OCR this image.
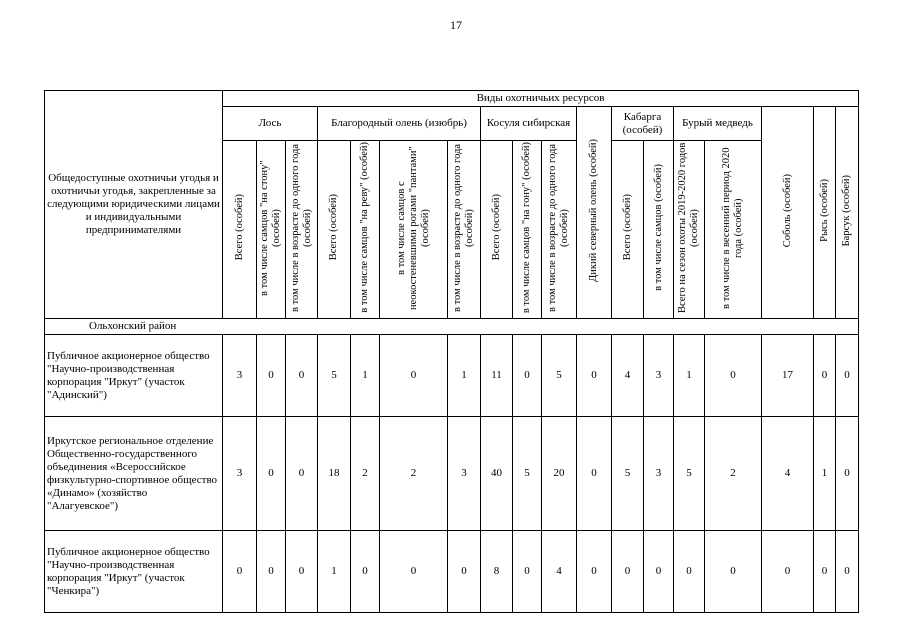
17
Общедоступные охотничьи угодья и охотничьи угодья, закрепленные за следующими юридическими лицами и индивидуальными предпринимателями	Виды охотничьих ресурсов																	
	Лось			Благородный олень (изюбрь)				Косуля сибирская			Дикий северный олень (особей)	Кабарга (особей)		Бурый медведь		Соболь (особей)	Рысь (особей)	Барсук (особей)
	Всего (особей)	в том числе самцов "на стону" (особей)	в том числе в возрасте до одного года (особей)	Всего (особей)	в том числе самцов "на реву" (особей)	в том числе самцов с неокостеневшими рогами "пантами" (особей)	в том числе в возрасте до одного года (особей)	Всего (особей)	в том числе самцов "на гону" (особей)	в том числе в возрасте до одного года (особей)		Всего (особей)	в том числе самцов (особей)	Всего на сезон охоты 2019-2020 годов (особей)	в том числе в весенний период 2020 года (особей)			
Ольхонский район																		
Публичное акционерное общество "Научно-производственная корпорация "Иркут" (участок "Адинский")	3	0	0	5	1	0	1	11	0	5	0	4	3	1	0	17	0	0
Иркутское региональное отделение Общественно-государственного объединения «Всероссийское физкультурно-спортивное общество «Динамо» (хозяйство "Алагуевское")	3	0	0	18	2	2	3	40	5	20	0	5	3	5	2	4	1	0
Публичное акционерное общество "Научно-производственная корпорация "Иркут" (участок "Ченкира")	0	0	0	1	0	0	0	8	0	4	0	0	0	0	0	0	0	0
